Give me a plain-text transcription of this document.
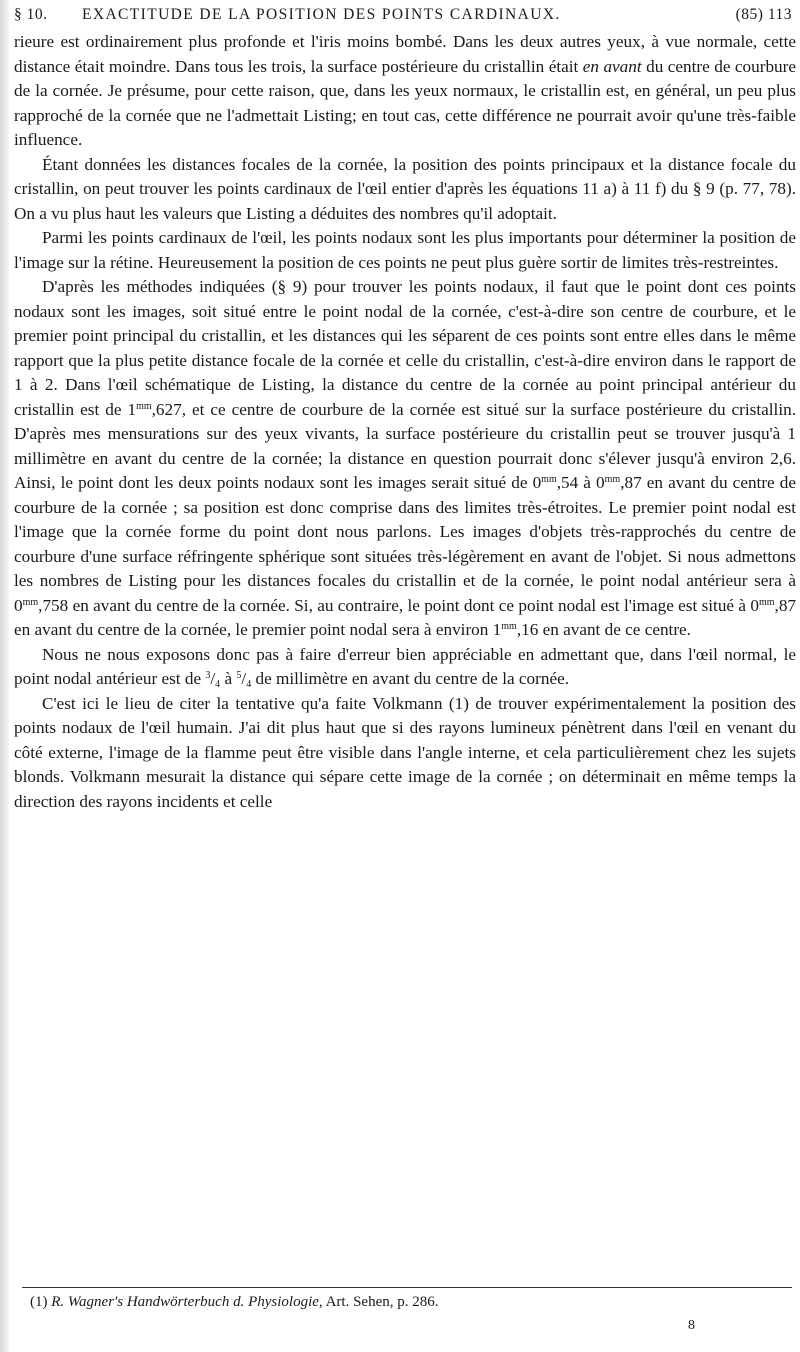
§ 10. EXACTITUDE DE LA POSITION DES POINTS CARDINAUX.	(85) 113

rieure est ordinairement plus profonde et l'iris moins bombé. Dans les deux autres yeux, à vue normale, cette distance était moindre. Dans tous les trois, la surface postérieure du cristallin était en avant du centre de courbure de la cornée. Je présume, pour cette raison, que, dans les yeux normaux, le cristallin est, en général, un peu plus rapproché de la cornée que ne l'admettait Listing; en tout cas, cette différence ne pourrait avoir qu'une très-faible influence.

Étant données les distances focales de la cornée, la position des points principaux et la distance focale du cristallin, on peut trouver les points cardinaux de l'œil entier d'après les équations 11 a) à 11 f) du § 9 (p. 77, 78). On a vu plus haut les valeurs que Listing a déduites des nombres qu'il adoptait.

Parmi les points cardinaux de l'œil, les points nodaux sont les plus importants pour déterminer la position de l'image sur la rétine. Heureusement la position de ces points ne peut plus guère sortir de limites très-restreintes.

D'après les méthodes indiquées (§ 9) pour trouver les points nodaux, il faut que le point dont ces points nodaux sont les images, soit situé entre le point nodal de la cornée, c'est-à-dire son centre de courbure, et le premier point principal du cristallin, et les distances qui les séparent de ces points sont entre elles dans le même rapport que la plus petite distance focale de la cornée et celle du cristallin, c'est-à-dire environ dans le rapport de 1 à 2. Dans l'œil schématique de Listing, la distance du centre de la cornée au point principal antérieur du cristallin est de $1^{mm},627$, et ce centre de courbure de la cornée est situé sur la surface postérieure du cristallin. D'après mes mensurations sur des yeux vivants, la surface postérieure du cristallin peut se trouver jusqu'à 1 millimètre en avant du centre de la cornée; la distance en question pourrait donc s'élever jusqu'à environ 2,6. Ainsi, le point dont les deux points nodaux sont les images serait situé de $0^{mm},54$ à $0^{mm},87$ en avant du centre de courbure de la cornée ; sa position est donc comprise dans des limites très-étroites. Le premier point nodal est l'image que la cornée forme du point dont nous parlons. Les images d'objets très-rapprochés du centre de courbure d'une surface réfringente sphérique sont situées très-légèrement en avant de l'objet. Si nous admettons les nombres de Listing pour les distances focales du cristallin et de la cornée, le point nodal antérieur sera à $0^{mm},758$ en avant du centre de la cornée. Si, au contraire, le point dont ce point nodal est l'image est situé à $0^{mm},87$ en avant du centre de la cornée, le premier point nodal sera à environ $1^{mm},16$ en avant de ce centre.

Nous ne nous exposons donc pas à faire d'erreur bien appréciable en admettant que, dans l'œil normal, le point nodal antérieur est de $^3/_4$ à $^5/_4$ de millimètre en avant du centre de la cornée.

C'est ici le lieu de citer la tentative qu'a faite Volkmann (1) de trouver expérimentalement la position des points nodaux de l'œil humain. J'ai dit plus haut que si des rayons lumineux pénètrent dans l'œil en venant du côté externe, l'image de la flamme peut être visible dans l'angle interne, et cela particulièrement chez les sujets blonds. Volkmann mesurait la distance qui sépare cette image de la cornée ; on déterminait en même temps la direction des rayons incidents et celle

(1) R. Wagner's Handwörterbuch d. Physiologie, Art. Sehen, p. 286.
8
